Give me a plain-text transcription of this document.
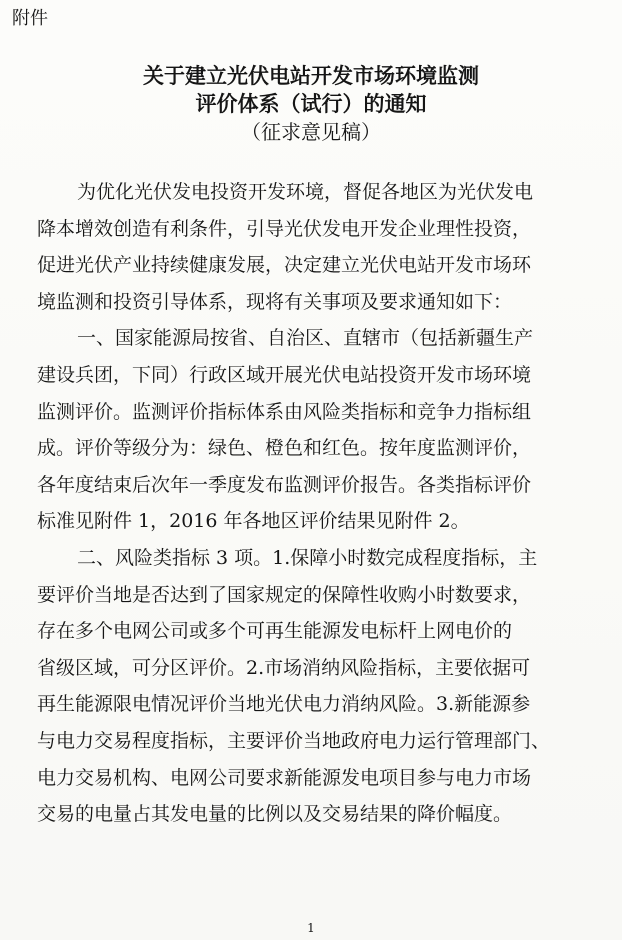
附件
关于建立光伏电站开发市场环境监测
评价体系（试行）的通知
（征求意见稿）
为优化光伏发电投资开发环境，督促各地区为光伏发电
降本增效创造有利条件，引导光伏发电开发企业理性投资，
促进光伏产业持续健康发展，决定建立光伏电站开发市场环
境监测和投资引导体系，现将有关事项及要求通知如下：
一、国家能源局按省、自治区、直辖市（包括新疆生产
建设兵团，下同）行政区域开展光伏电站投资开发市场环境
监测评价。监测评价指标体系由风险类指标和竞争力指标组
成。评价等级分为：绿色、橙色和红色。按年度监测评价，
各年度结束后次年一季度发布监测评价报告。各类指标评价
标准见附件 1，2016 年各地区评价结果见附件 2。
二、风险类指标 3 项。1.保障小时数完成程度指标，主
要评价当地是否达到了国家规定的保障性收购小时数要求，
存在多个电网公司或多个可再生能源发电标杆上网电价的
省级区域，可分区评价。2.市场消纳风险指标，主要依据可
再生能源限电情况评价当地光伏电力消纳风险。3.新能源参
与电力交易程度指标，主要评价当地政府电力运行管理部门、
电力交易机构、电网公司要求新能源发电项目参与电力市场
交易的电量占其发电量的比例以及交易结果的降价幅度。
1
